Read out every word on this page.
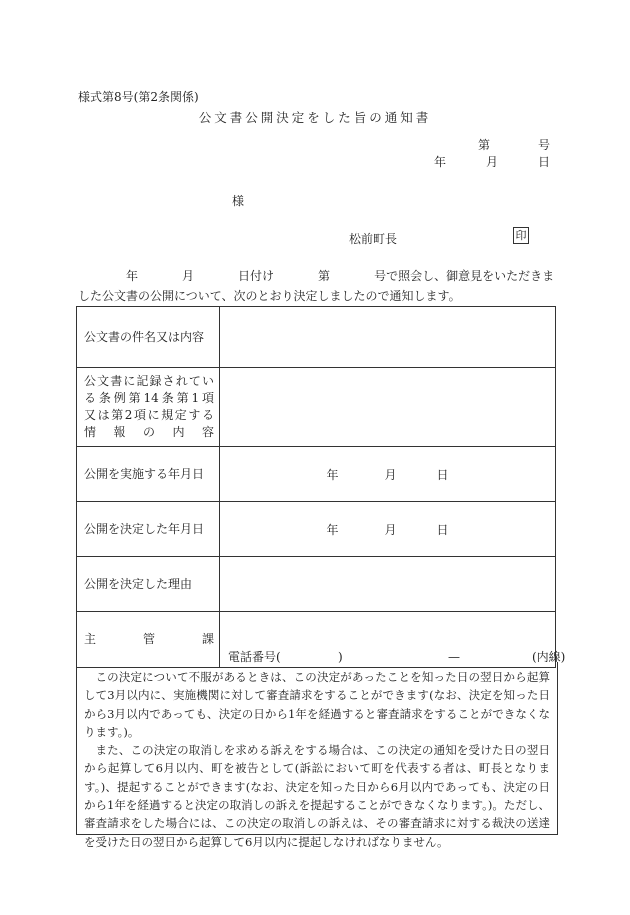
様式第8号(第2条関係)
公文書公開決定をした旨の通知書
第	号
年	月	日
様
松前町長	印
年	月	日付け	第	号で照会し、御意見をいただきました公文書の公開について、次のとおり決定しましたので通知します。
公文書の件名又は内容	

公文書に記録されてい
る条例第14条第1項
又は第2項に規定する
情　報　の　内　容	

公開を実施する年月日	年 月 日
公開を決定した年月日	年 月 日
公開を決定した理由	

主　　管　　課	電話番号( ) — (内線)

この決定について不服があるときは、この決定があったことを知った日の翌日から起算して3月以内に、実施機関に対して審査請求をすることができます(なお、決定を知った日から3月以内であっても、決定の日から1年を経過すると審査請求をすることができなくなります。)。

また、この決定の取消しを求める訴えをする場合は、この決定の通知を受けた日の翌日から起算して6月以内、町を被告として(訴訟において町を代表する者は、町長となります。)、提起することができます(なお、決定を知った日から6月以内であっても、決定の日から1年を経過すると決定の取消しの訴えを提起することができなくなります。)。ただし、審査請求をした場合には、この決定の取消しの訴えは、その審査請求に対する裁決の送達を受けた日の翌日から起算して6月以内に提起しなければなりません。
